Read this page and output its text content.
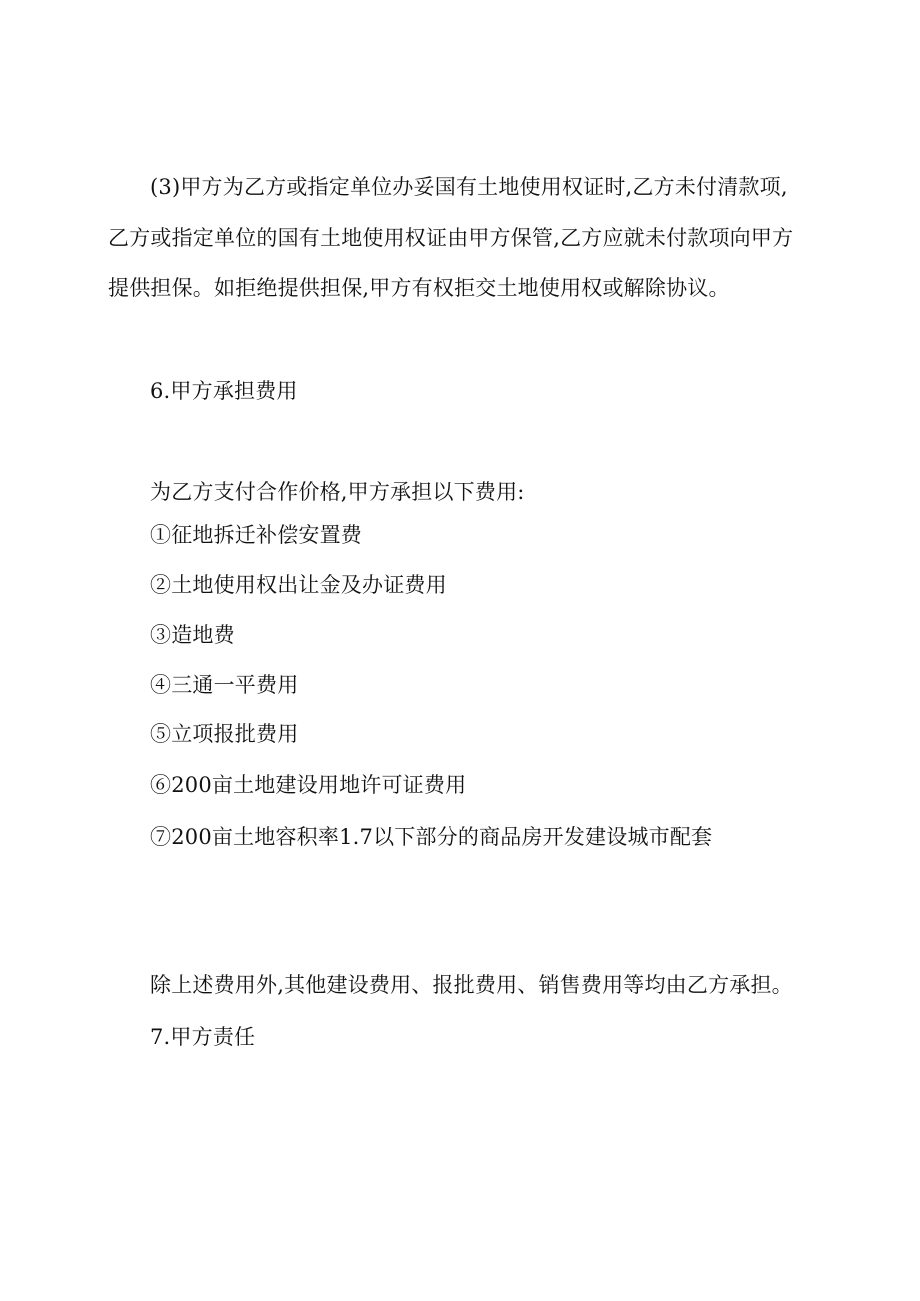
(3)甲方为乙方或指定单位办妥国有土地使用权证时,乙方未付清款项,
乙方或指定单位的国有土地使用权证由甲方保管,乙方应就未付款项向甲方
提供担保。如拒绝提供担保,甲方有权拒交土地使用权或解除协议。
6.甲方承担费用
为乙方支付合作价格,甲方承担以下费用:
①征地拆迁补偿安置费
②土地使用权出让金及办证费用
③造地费
④三通一平费用
⑤立项报批费用
⑥200亩土地建设用地许可证费用
⑦200亩土地容积率1.7以下部分的商品房开发建设城市配套
除上述费用外,其他建设费用、报批费用、销售费用等均由乙方承担。
7.甲方责任
